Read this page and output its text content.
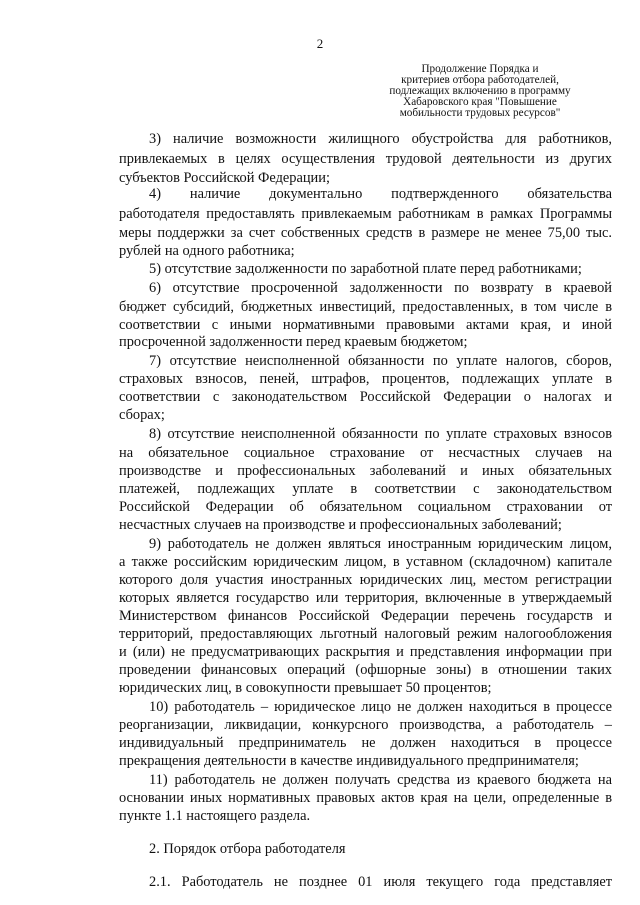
2
Продолжение Порядка и
критериев отбора работодателей,
подлежащих включению в программу
Хабаровского края "Повышение
мобильности трудовых ресурсов"
3) наличие возможности жилищного обустройства для работников,
привлекаемых в целях осуществления трудовой деятельности из других
субъектов Российской Федерации;
4) наличие документально подтвержденного обязательства
работодателя предоставлять привлекаемым работникам в рамках Программы
меры поддержки за счет собственных средств в размере не менее 75,00 тыс.
рублей на одного работника;
5) отсутствие задолженности по заработной плате перед работниками;
6) отсутствие просроченной задолженности по возврату в краевой
бюджет субсидий, бюджетных инвестиций, предоставленных, в том числе в
соответствии с иными нормативными правовыми актами края, и иной
просроченной задолженности перед краевым бюджетом;
7) отсутствие неисполненной обязанности по уплате налогов, сборов,
страховых взносов, пеней, штрафов, процентов, подлежащих уплате в
соответствии с законодательством Российской Федерации о налогах и
сборах;
8) отсутствие неисполненной обязанности по уплате страховых взносов
на обязательное социальное страхование от несчастных случаев на
производстве и профессиональных заболеваний и иных обязательных
платежей, подлежащих уплате в соответствии с законодательством
Российской Федерации об обязательном социальном страховании от
несчастных случаев на производстве и профессиональных заболеваний;
9) работодатель не должен являться иностранным юридическим лицом,
а также российским юридическим лицом, в уставном (складочном) капитале
которого доля участия иностранных юридических лиц, местом регистрации
которых является государство или территория, включенные в утверждаемый
Министерством финансов Российской Федерации перечень государств и
территорий, предоставляющих льготный налоговый режим налогообложения
и (или) не предусматривающих раскрытия и представления информации при
проведении финансовых операций (офшорные зоны) в отношении таких
юридических лиц, в совокупности превышает 50 процентов;
10) работодатель – юридическое лицо не должен находиться в процессе
реорганизации, ликвидации, конкурсного производства, а работодатель –
индивидуальный предприниматель не должен находиться в процессе
прекращения деятельности в качестве индивидуального предпринимателя;
11) работодатель не должен получать средства из краевого бюджета на
основании иных нормативных правовых актов края на цели, определенные в
пункте 1.1 настоящего раздела.
2. Порядок отбора работодателя
2.1. Работодатель не позднее 01 июля текущего года представляет
